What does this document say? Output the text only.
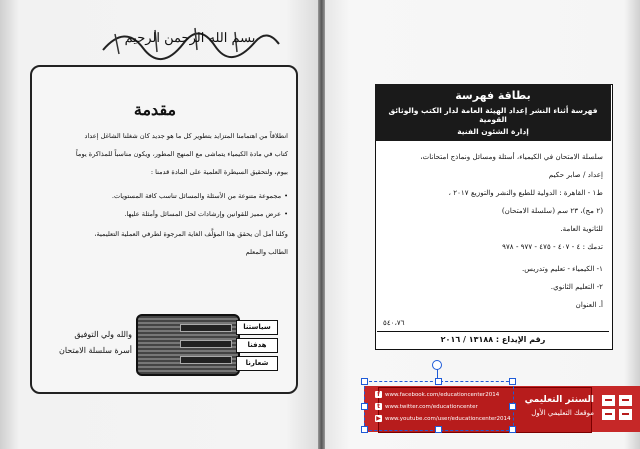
بسم الله الرحمن الرحيم
مقدمة
انطلاقاً من اهتمامنا المتزايد بتطوير كل ما هو جديد كان شغلنا الشاغل إعداد
كتاب في مادة الكيمياء يتماشى مع المنهج المطور، ويكون مناسباً للمذاكرة يوماً
بيوم، ولتحقيق السيطرة العلمية على المادة قدمنا :
• مجموعة متنوعة من الأسئلة والمسائل تناسب كافة المستويات.
• عرض مميز للقوانين وإرشادات لحل المسائل وأمثلة عليها.
وكلنا أمل أن يحقق هذا المؤلَّف الغاية المرجوة لطرفي العملية التعليمية،
الطالب والمعلم
سياستنا
هدفنا
شعارنا
والله ولي التوفيق
أسرة سلسلة الامتحان
بطاقة فهرسة
فهرسة أثناء النشر إعداد الهيئة العامة لدار الكتب والوثائق القومية
إدارة الشئون الفنية
سلسلة الامتحان في الكيمياء، أسئلة ومسائل ونماذج امتحانات،
إعداد / صابر حكيم
ط١ - القاهرة : الدولية للطبع والنشر والتوزيع ٢٠١٧ ،
(٢ مج)، ٢٣ سم (سلسلة الامتحان)
للثانوية العامة.
تدمك : ٤ - ٤٠٧ - ٤٧٥ - ٩٧٧ - ٩٧٨
١- الكيمياء - تعليم وتدريس.
٢- التعليم الثانوي.
أ. العنوان
٥٤٠،٧٦
رقم الإيداع : ١٣١٨٨ / ٢٠١٦
f www.facebook.com/educationcenter2014
t www.twitter.com/educationcenter
▶ www.youtube.com/user/educationcenter2014
السنتر التعليمي
موقعك التعليمي الأول
